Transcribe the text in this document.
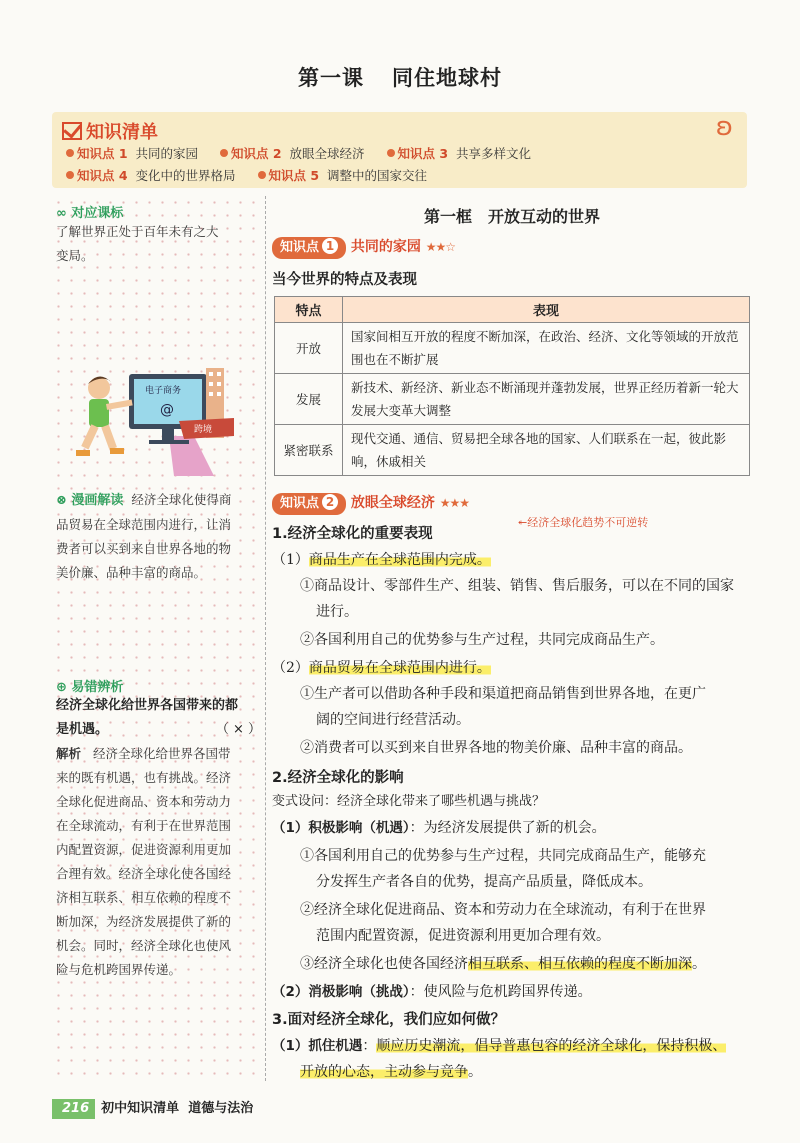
第一课 同住地球村
知识清单	ʚ
知识点 1 共同的家园	知识点 2 放眼全球经济	知识点 3 共享多样文化
知识点 4 变化中的世界格局	知识点 5 调整中的国家交往
∞ 对应课标
了解世界正处于百年未有之大
变局。
电子商务
@
跨境
⊗ 漫画解读 经济全球化使得商
品贸易在全球范围内进行，让消
费者可以买到来自世界各地的物
美价廉、品种丰富的商品。
⊕ 易错辨析
经济全球化给世界各国带来的都
是机遇。	（ × ）
解析 经济全球化给世界各国带
来的既有机遇，也有挑战。经济
全球化促进商品、资本和劳动力
在全球流动，有利于在世界范围
内配置资源，促进资源利用更加
合理有效。经济全球化使各国经
济相互联系、相互依赖的程度不
断加深，为经济发展提供了新的
机会。同时，经济全球化也使风
险与危机跨国界传递。
第一框　开放互动的世界
知识点 1 共同的家园 ★★☆
当今世界的特点及表现
特点	表现
开放	国家间相互开放的程度不断加深，在政治、经济、文化等领域的开放范围也在不断扩展
发展	新技术、新经济、新业态不断涌现并蓬勃发展，世界正经历着新一轮大发展大变革大调整
紧密联系	现代交通、通信、贸易把全球各地的国家、人们联系在一起，彼此影响，休戚相关
知识点 2 放眼全球经济 ★★★
↞经济全球化趋势不可逆转
1.经济全球化的重要表现
（1）商品生产在全球范围内完成。
①商品设计、零部件生产、组装、销售、售后服务，可以在不同的国家
进行。
②各国利用自己的优势参与生产过程，共同完成商品生产。
（2）商品贸易在全球范围内进行。
①生产者可以借助各种手段和渠道把商品销售到世界各地，在更广
阔的空间进行经营活动。
②消费者可以买到来自世界各地的物美价廉、品种丰富的商品。
2.经济全球化的影响
变式设问：经济全球化带来了哪些机遇与挑战？
（1）积极影响（机遇）：为经济发展提供了新的机会。
①各国利用自己的优势参与生产过程，共同完成商品生产，能够充
分发挥生产者各自的优势，提高产品质量，降低成本。
②经济全球化促进商品、资本和劳动力在全球流动，有利于在世界
范围内配置资源，促进资源利用更加合理有效。
③经济全球化也使各国经济相互联系、相互依赖的程度不断加深。
（2）消极影响（挑战）：使风险与危机跨国界传递。
3.面对经济全球化，我们应如何做？
（1）抓住机遇：顺应历史潮流，倡导普惠包容的经济全球化，保持积极、
开放的心态，主动参与竞争。
216 初中知识清单 道德与法治
